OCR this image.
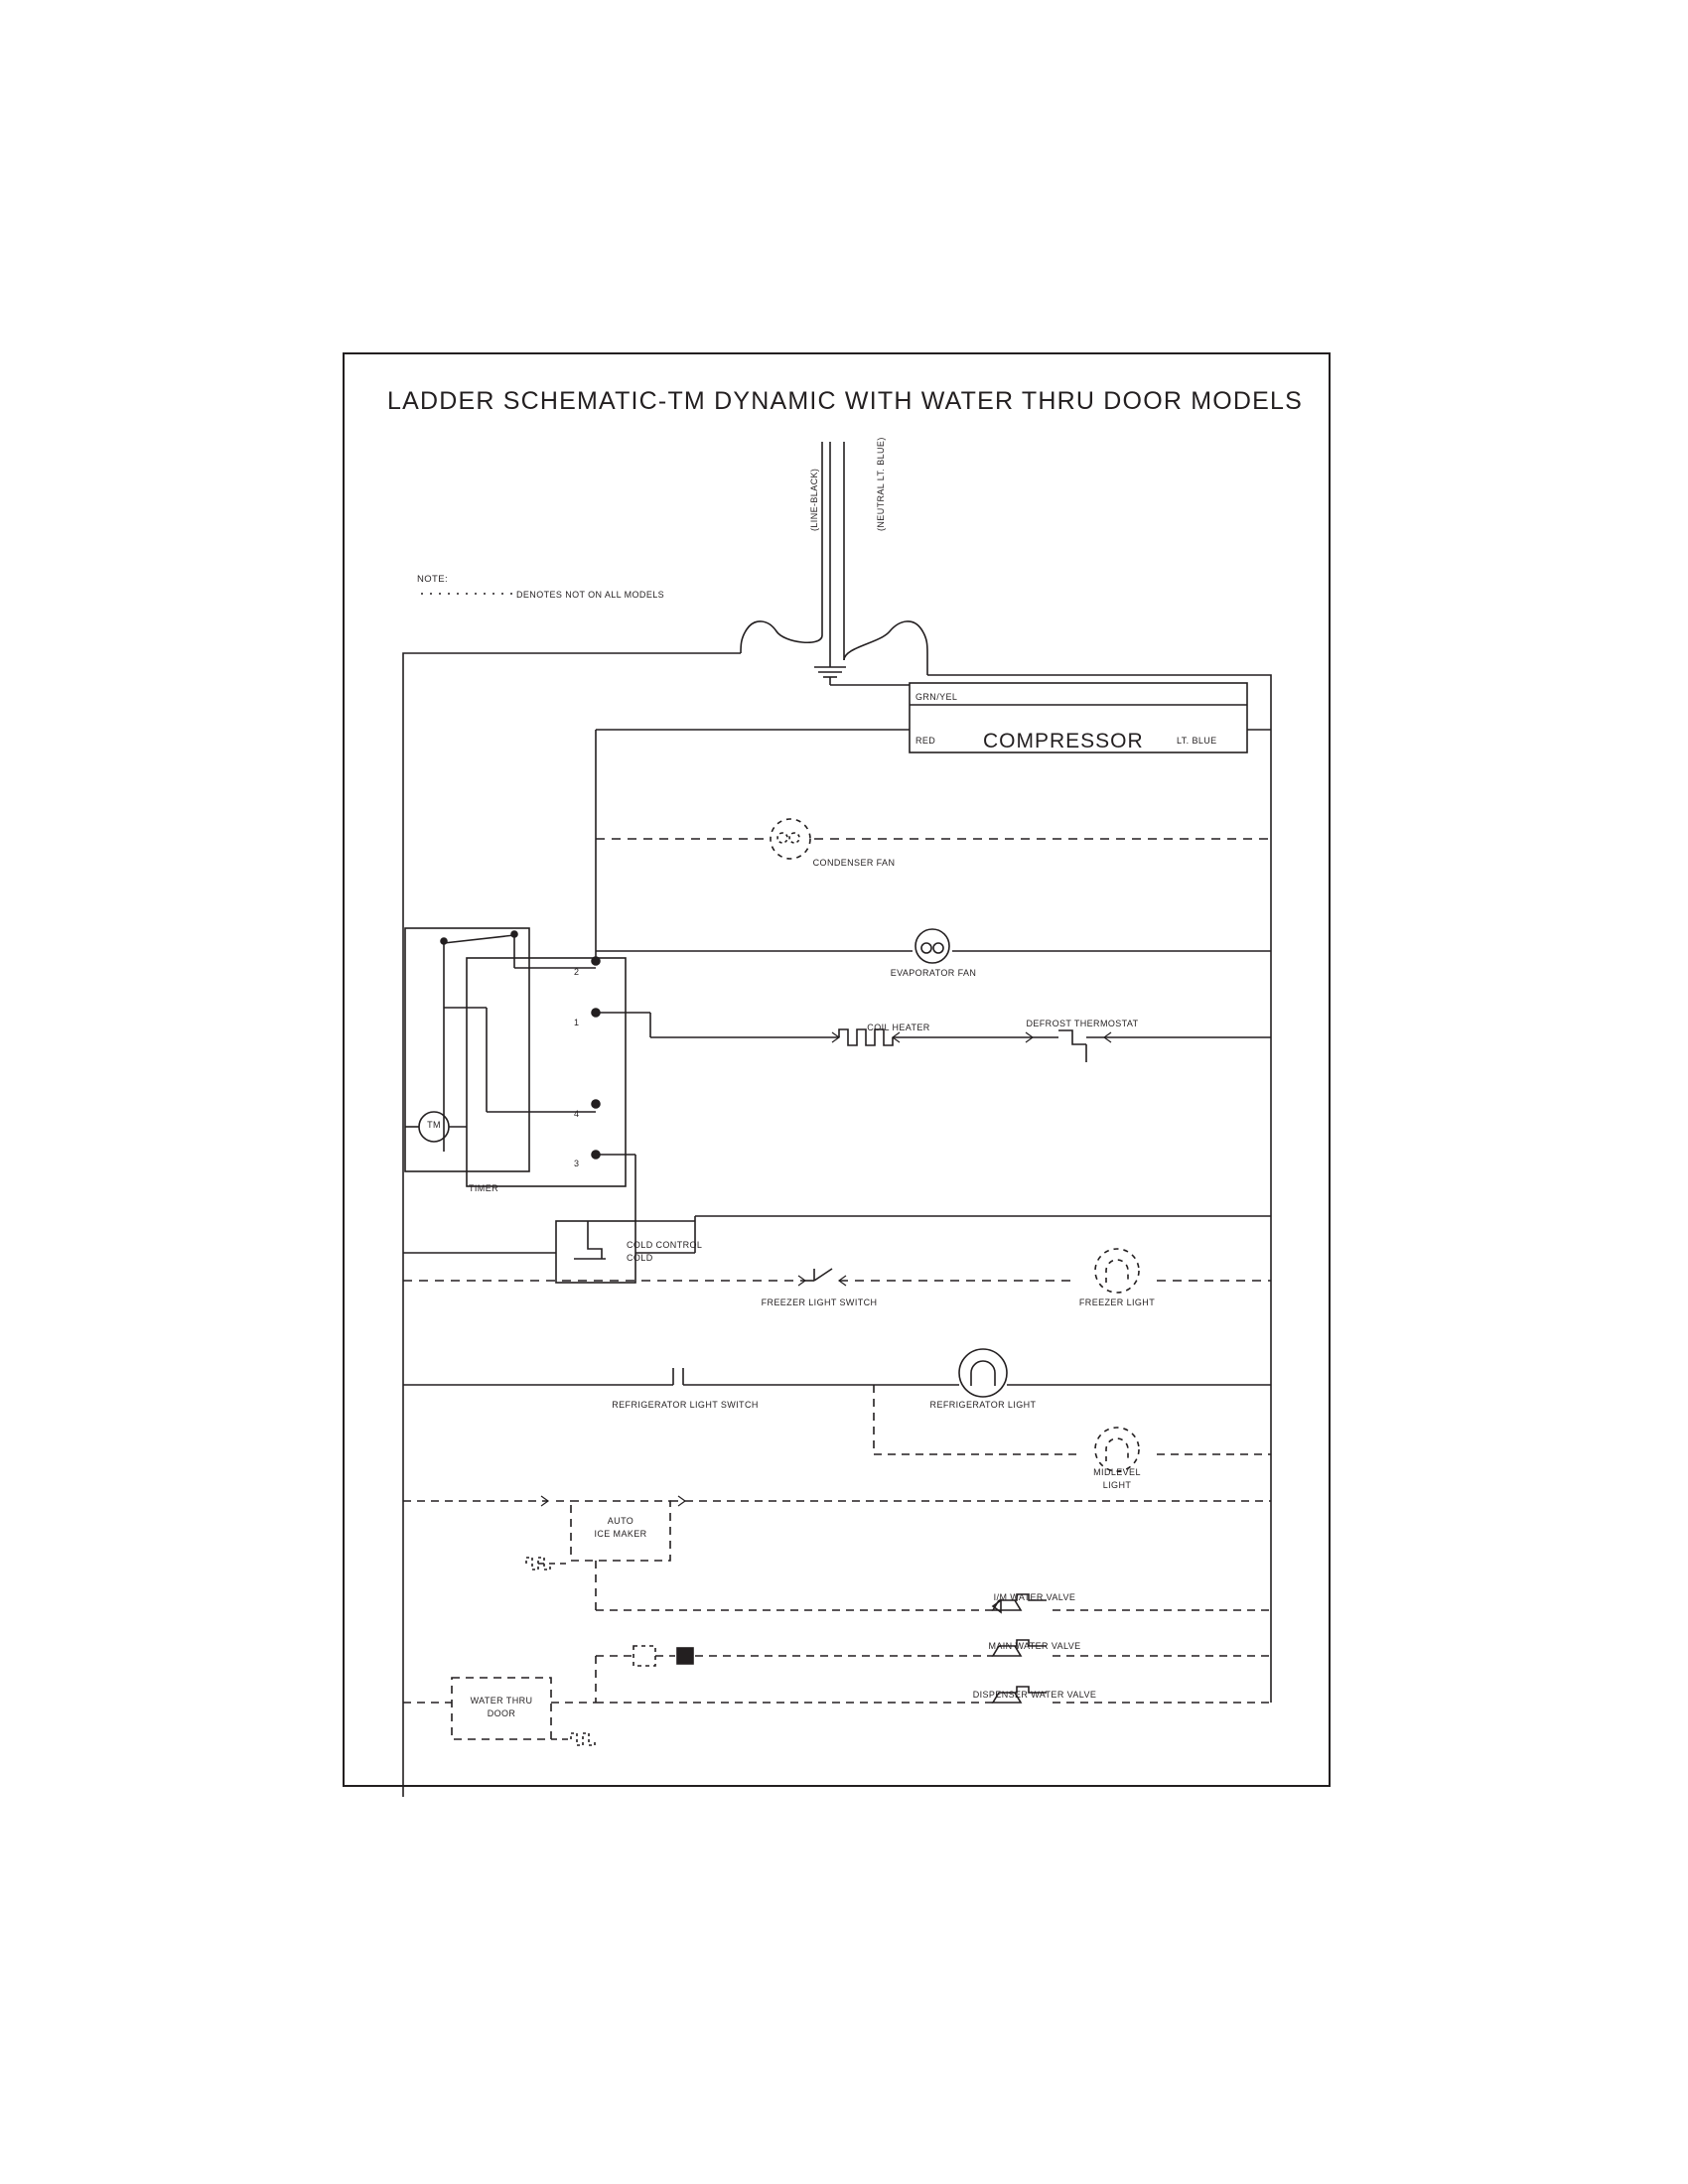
LADDER SCHEMATIC-TM DYNAMIC WITH WATER THRU DOOR MODELS
(LINE-BLACK)	(NEUTRAL LT. BLUE)
NOTE:
DENOTES NOT ON ALL MODELS
GRN/YEL
RED	LT. BLUE
COMPRESSOR
CONDENSER FAN
EVAPORATOR FAN
COIL HEATER	DEFROST THERMOSTAT
TIMER
TM
COLD CONTROL
COLD
FREEZER LIGHT SWITCH	FREEZER LIGHT
REFRIGERATOR LIGHT SWITCH	REFRIGERATOR LIGHT
MIDLEVEL
LIGHT
AUTO
ICE MAKER
I/M WATER VALVE
MAIN WATER VALVE
DISPENSER WATER VALVE
WATER THRU
DOOR
2
1
4
3
